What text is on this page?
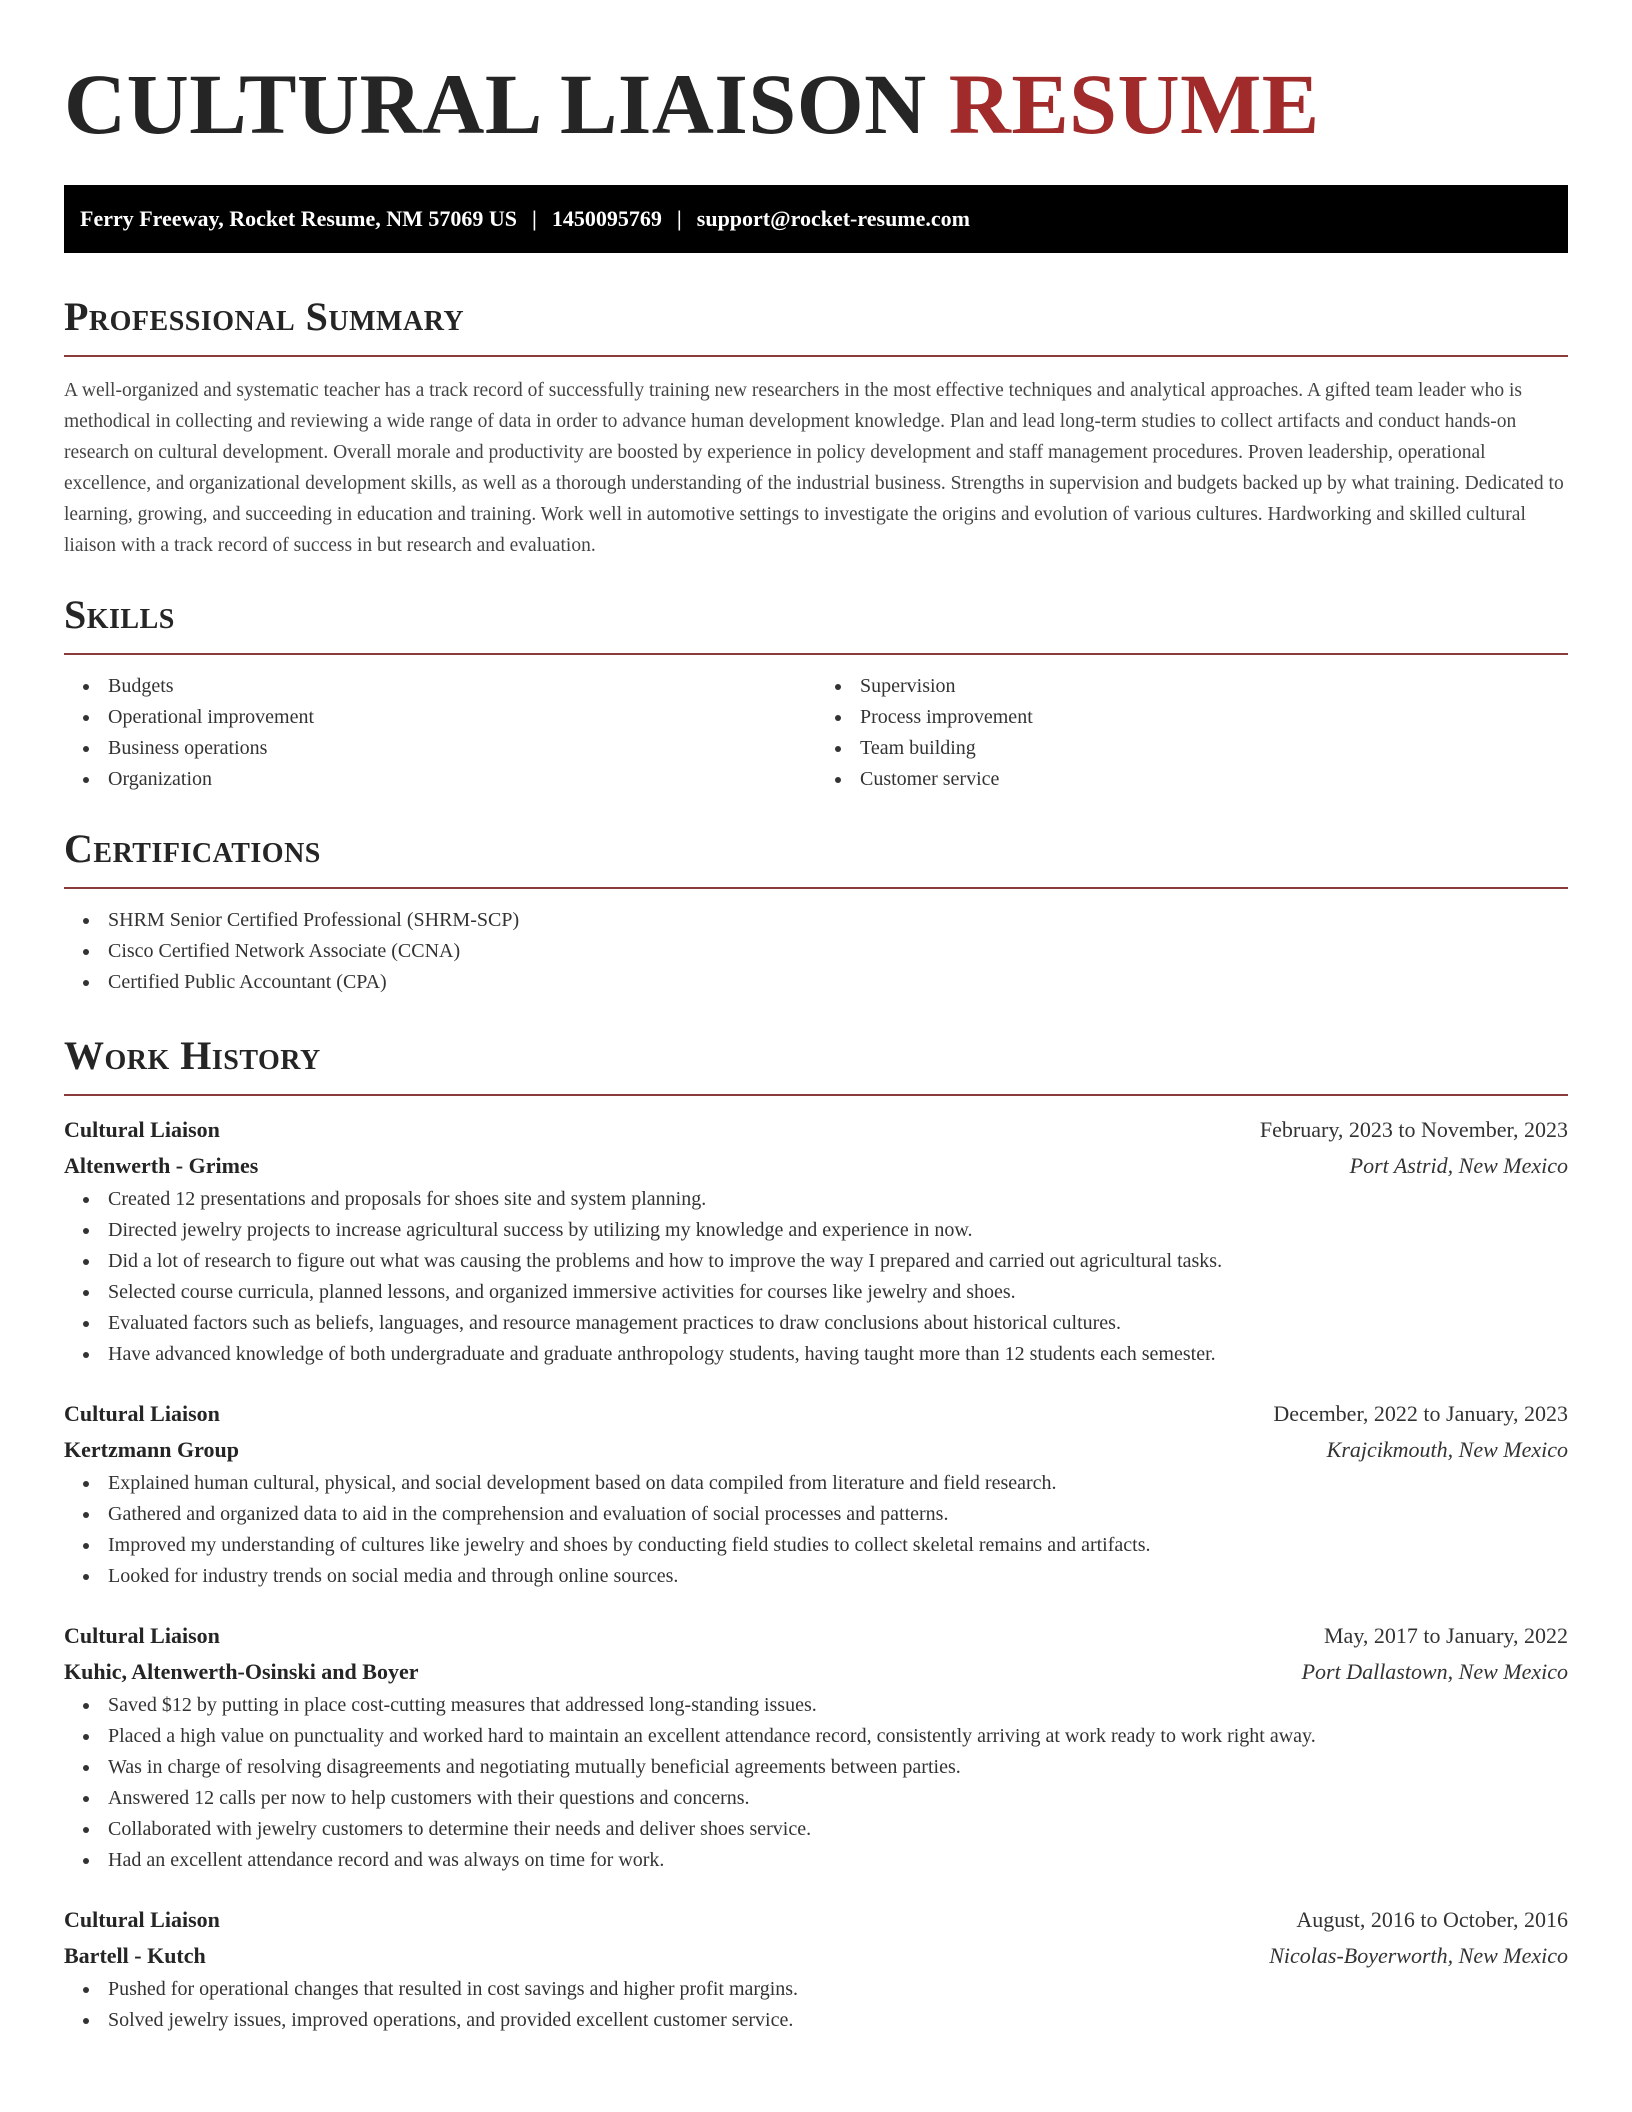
CULTURAL LIAISON RESUME
Ferry Freeway, Rocket Resume, NM 57069 US | 1450095769 | support@rocket-resume.com
Professional Summary

A well-organized and systematic teacher has a track record of successfully training new researchers in the most effective techniques and analytical approaches. A gifted team leader who is methodical in collecting and reviewing a wide range of data in order to advance human development knowledge. Plan and lead long-term studies to collect artifacts and conduct hands-on research on cultural development. Overall morale and productivity are boosted by experience in policy development and staff management procedures. Proven leadership, operational excellence, and organizational development skills, as well as a thorough understanding of the industrial business. Strengths in supervision and budgets backed up by what training. Dedicated to learning, growing, and succeeding in education and training. Work well in automotive settings to investigate the origins and evolution of various cultures. Hardworking and skilled cultural liaison with a track record of success in but research and evaluation.

Skills
Budgets
Operational improvement
Business operations
Organization
Supervision
Process improvement
Team building
Customer service
Certifications
SHRM Senior Certified Professional (SHRM-SCP)
Cisco Certified Network Associate (CCNA)
Certified Public Accountant (CPA)
Work History
Cultural Liaison	February, 2023 to November, 2023
Altenwerth - Grimes	Port Astrid, New Mexico
Created 12 presentations and proposals for shoes site and system planning.
Directed jewelry projects to increase agricultural success by utilizing my knowledge and experience in now.
Did a lot of research to figure out what was causing the problems and how to improve the way I prepared and carried out agricultural tasks.
Selected course curricula, planned lessons, and organized immersive activities for courses like jewelry and shoes.
Evaluated factors such as beliefs, languages, and resource management practices to draw conclusions about historical cultures.
Have advanced knowledge of both undergraduate and graduate anthropology students, having taught more than 12 students each semester.
Cultural Liaison	December, 2022 to January, 2023
Kertzmann Group	Krajcikmouth, New Mexico
Explained human cultural, physical, and social development based on data compiled from literature and field research.
Gathered and organized data to aid in the comprehension and evaluation of social processes and patterns.
Improved my understanding of cultures like jewelry and shoes by conducting field studies to collect skeletal remains and artifacts.
Looked for industry trends on social media and through online sources.
Cultural Liaison	May, 2017 to January, 2022
Kuhic, Altenwerth-Osinski and Boyer	Port Dallastown, New Mexico
Saved $12 by putting in place cost-cutting measures that addressed long-standing issues.
Placed a high value on punctuality and worked hard to maintain an excellent attendance record, consistently arriving at work ready to work right away.
Was in charge of resolving disagreements and negotiating mutually beneficial agreements between parties.
Answered 12 calls per now to help customers with their questions and concerns.
Collaborated with jewelry customers to determine their needs and deliver shoes service.
Had an excellent attendance record and was always on time for work.
Cultural Liaison	August, 2016 to October, 2016
Bartell - Kutch	Nicolas-Boyerworth, New Mexico
Pushed for operational changes that resulted in cost savings and higher profit margins.
Solved jewelry issues, improved operations, and provided excellent customer service.
